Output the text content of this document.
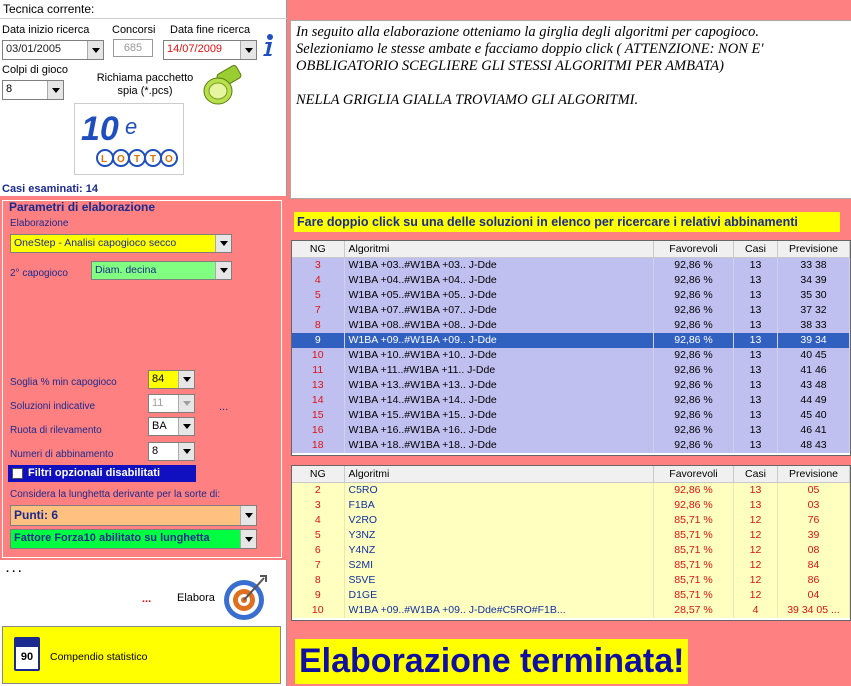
Tecnica corrente:
Data inizio ricerca
03/01/2005
Concorsi
685
Data fine ricerca
14/07/2009
Colpi di gioco
8
Richiama pacchetto spia (*.pcs)
10 e
L O T T O
Casi esaminati: 14
Parametri di elaborazione
Elaborazione
OneStep - Analisi capogioco secco
2° capogioco	Diam. decina
Soglia % min capogioco	84
Soluzioni indicative	11	...
Ruota di rilevamento	BA
Numeri di abbinamento	8
Filtri opzionali disabilitati
Considera la lunghetta derivante per la sorte di:
Punti: 6
Fattore Forza10 abilitato su lunghetta
. . .
... Elabora
90	Compendio statistico
In seguito alla elaborazione otteniamo la girglia degli algoritmi per capogioco. Selezioniamo le stesse ambate e facciamo doppio click ( ATTENZIONE: NON E' OBBLIGATORIO SCEGLIERE GLI STESSI ALGORITMI PER AMBATA)
NELLA GRIGLIA GIALLA TROVIAMO GLI ALGORITMI.
Fare doppio click su una delle soluzioni in elenco per ricercare i relativi abbinamenti
NG	Algoritmi	Favorevoli	Casi	Previsione
3	W1BA +03..#W1BA +03.. J-Dde	92,86 %	13	33 38
4	W1BA +04..#W1BA +04.. J-Dde	92,86 %	13	34 39
5	W1BA +05..#W1BA +05.. J-Dde	92,86 %	13	35 30
7	W1BA +07..#W1BA +07.. J-Dde	92,86 %	13	37 32
8	W1BA +08..#W1BA +08.. J-Dde	92,86 %	13	38 33
9	W1BA +09..#W1BA +09.. J-Dde	92,86 %	13	39 34
10	W1BA +10..#W1BA +10.. J-Dde	92,86 %	13	40 45
11	W1BA +11..#W1BA +11.. J-Dde	92,86 %	13	41 46
13	W1BA +13..#W1BA +13.. J-Dde	92,86 %	13	43 48
14	W1BA +14..#W1BA +14.. J-Dde	92,86 %	13	44 49
15	W1BA +15..#W1BA +15.. J-Dde	92,86 %	13	45 40
16	W1BA +16..#W1BA +16.. J-Dde	92,86 %	13	46 41
18	W1BA +18..#W1BA +18.. J-Dde	92,86 %	13	48 43
NG	Algoritmi	Favorevoli	Casi	Previsione
2	C5RO	92,86 %	13	05
3	F1BA	92,86 %	13	03
4	V2RO	85,71 %	12	76
5	Y3NZ	85,71 %	12	39
6	Y4NZ	85,71 %	12	08
7	S2MI	85,71 %	12	84
8	S5VE	85,71 %	12	86
9	D1GE	85,71 %	12	04
10	W1BA +09..#W1BA +09.. J-Dde#C5RO#F1B...	28,57 %	4	39 34 05 ...
Elaborazione terminata!
